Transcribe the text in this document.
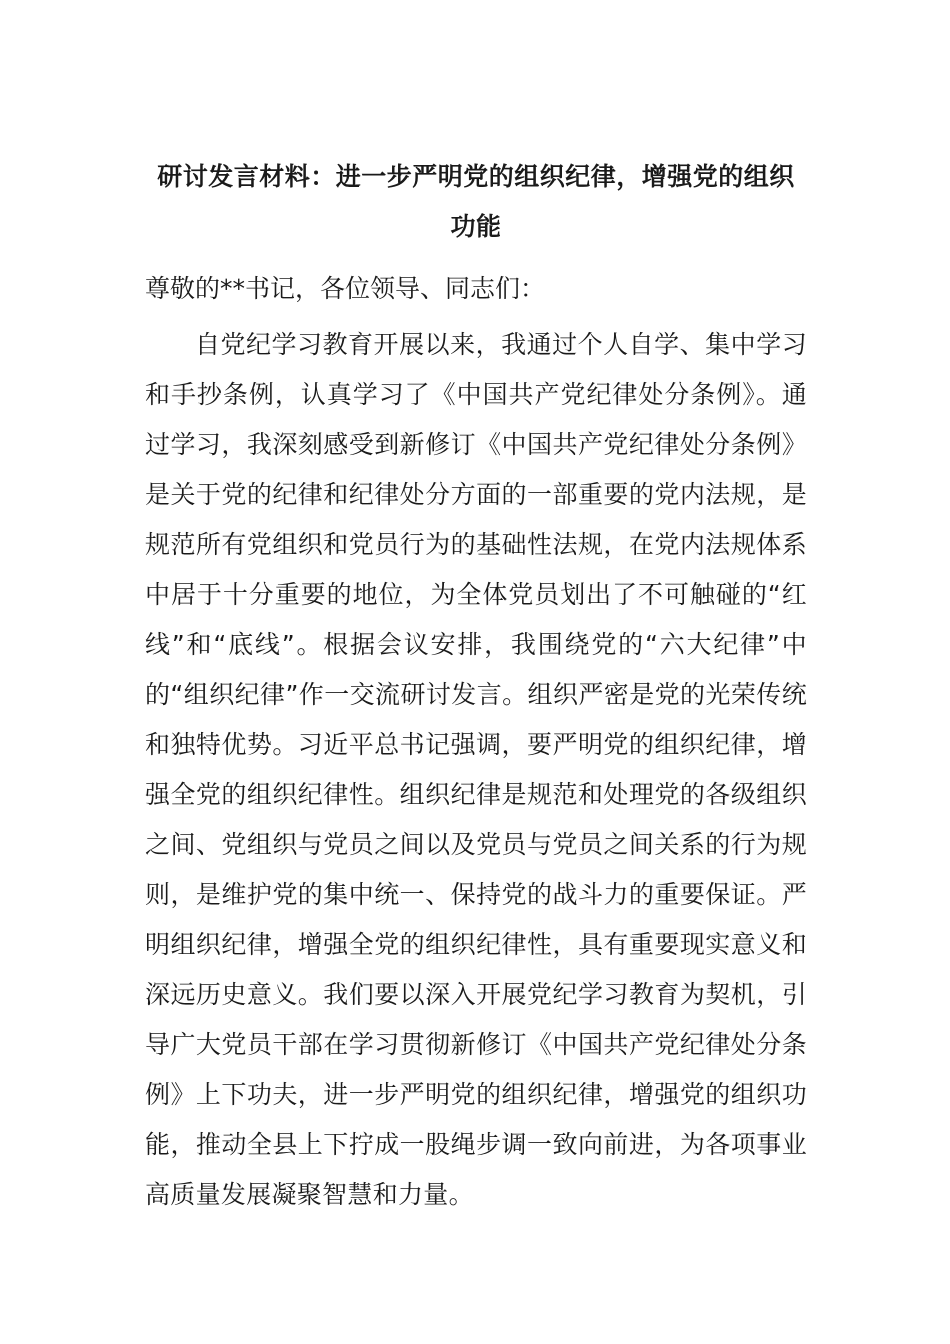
研讨发言材料：进一步严明党的组织纪律，增强党的组织功能

尊敬的**书记，各位领导、同志们：

自党纪学习教育开展以来，我通过个人自学、集中学习和手抄条例，认真学习了《中国共产党纪律处分条例》。通过学习，我深刻感受到新修订《中国共产党纪律处分条例》是关于党的纪律和纪律处分方面的一部重要的党内法规，是规范所有党组织和党员行为的基础性法规，在党内法规体系中居于十分重要的地位，为全体党员划出了不可触碰的“红线”和“底线”。根据会议安排，我围绕党的“六大纪律”中的“组织纪律”作一交流研讨发言。组织严密是党的光荣传统和独特优势。习近平总书记强调，要严明党的组织纪律，增强全党的组织纪律性。组织纪律是规范和处理党的各级组织之间、党组织与党员之间以及党员与党员之间关系的行为规则，是维护党的集中统一、保持党的战斗力的重要保证。严明组织纪律，增强全党的组织纪律性，具有重要现实意义和深远历史意义。我们要以深入开展党纪学习教育为契机，引导广大党员干部在学习贯彻新修订《中国共产党纪律处分条例》上下功夫，进一步严明党的组织纪律，增强党的组织功能，推动全县上下拧成一股绳步调一致向前进，为各项事业高质量发展凝聚智慧和力量。
